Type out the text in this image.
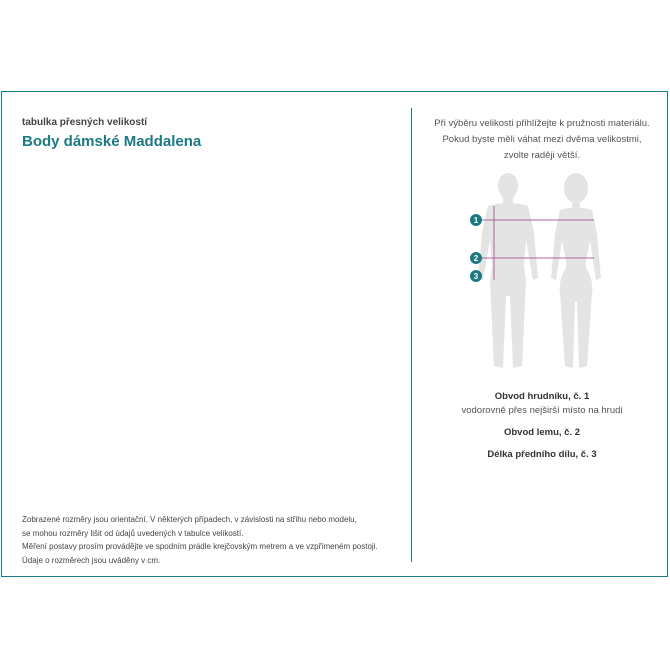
tabulka přesných velikostí
Body dámské Maddalena
Zobrazené rozměry jsou orientační. V některých případech, v závislosti na střihu nebo modelu,
se mohou rozměry lišit od údajů uvedených v tabulce velikostí.
Měření postavy prosím provádějte ve spodním prádle krejčovským metrem a ve vzpřímeném postoji.
Údaje o rozměrech jsou uváděny v cm.
Při výběru velikosti přihlížejte k pružnosti materiálu.
Pokud byste měli váhat mezi dvěma velikostmi,
zvolte raději větší.
1
2
3
Obvod hrudníku, č. 1
vodorovně přes nejširší místo na hrudi
Obvod lemu, č. 2
Délka předního dílu, č. 3
